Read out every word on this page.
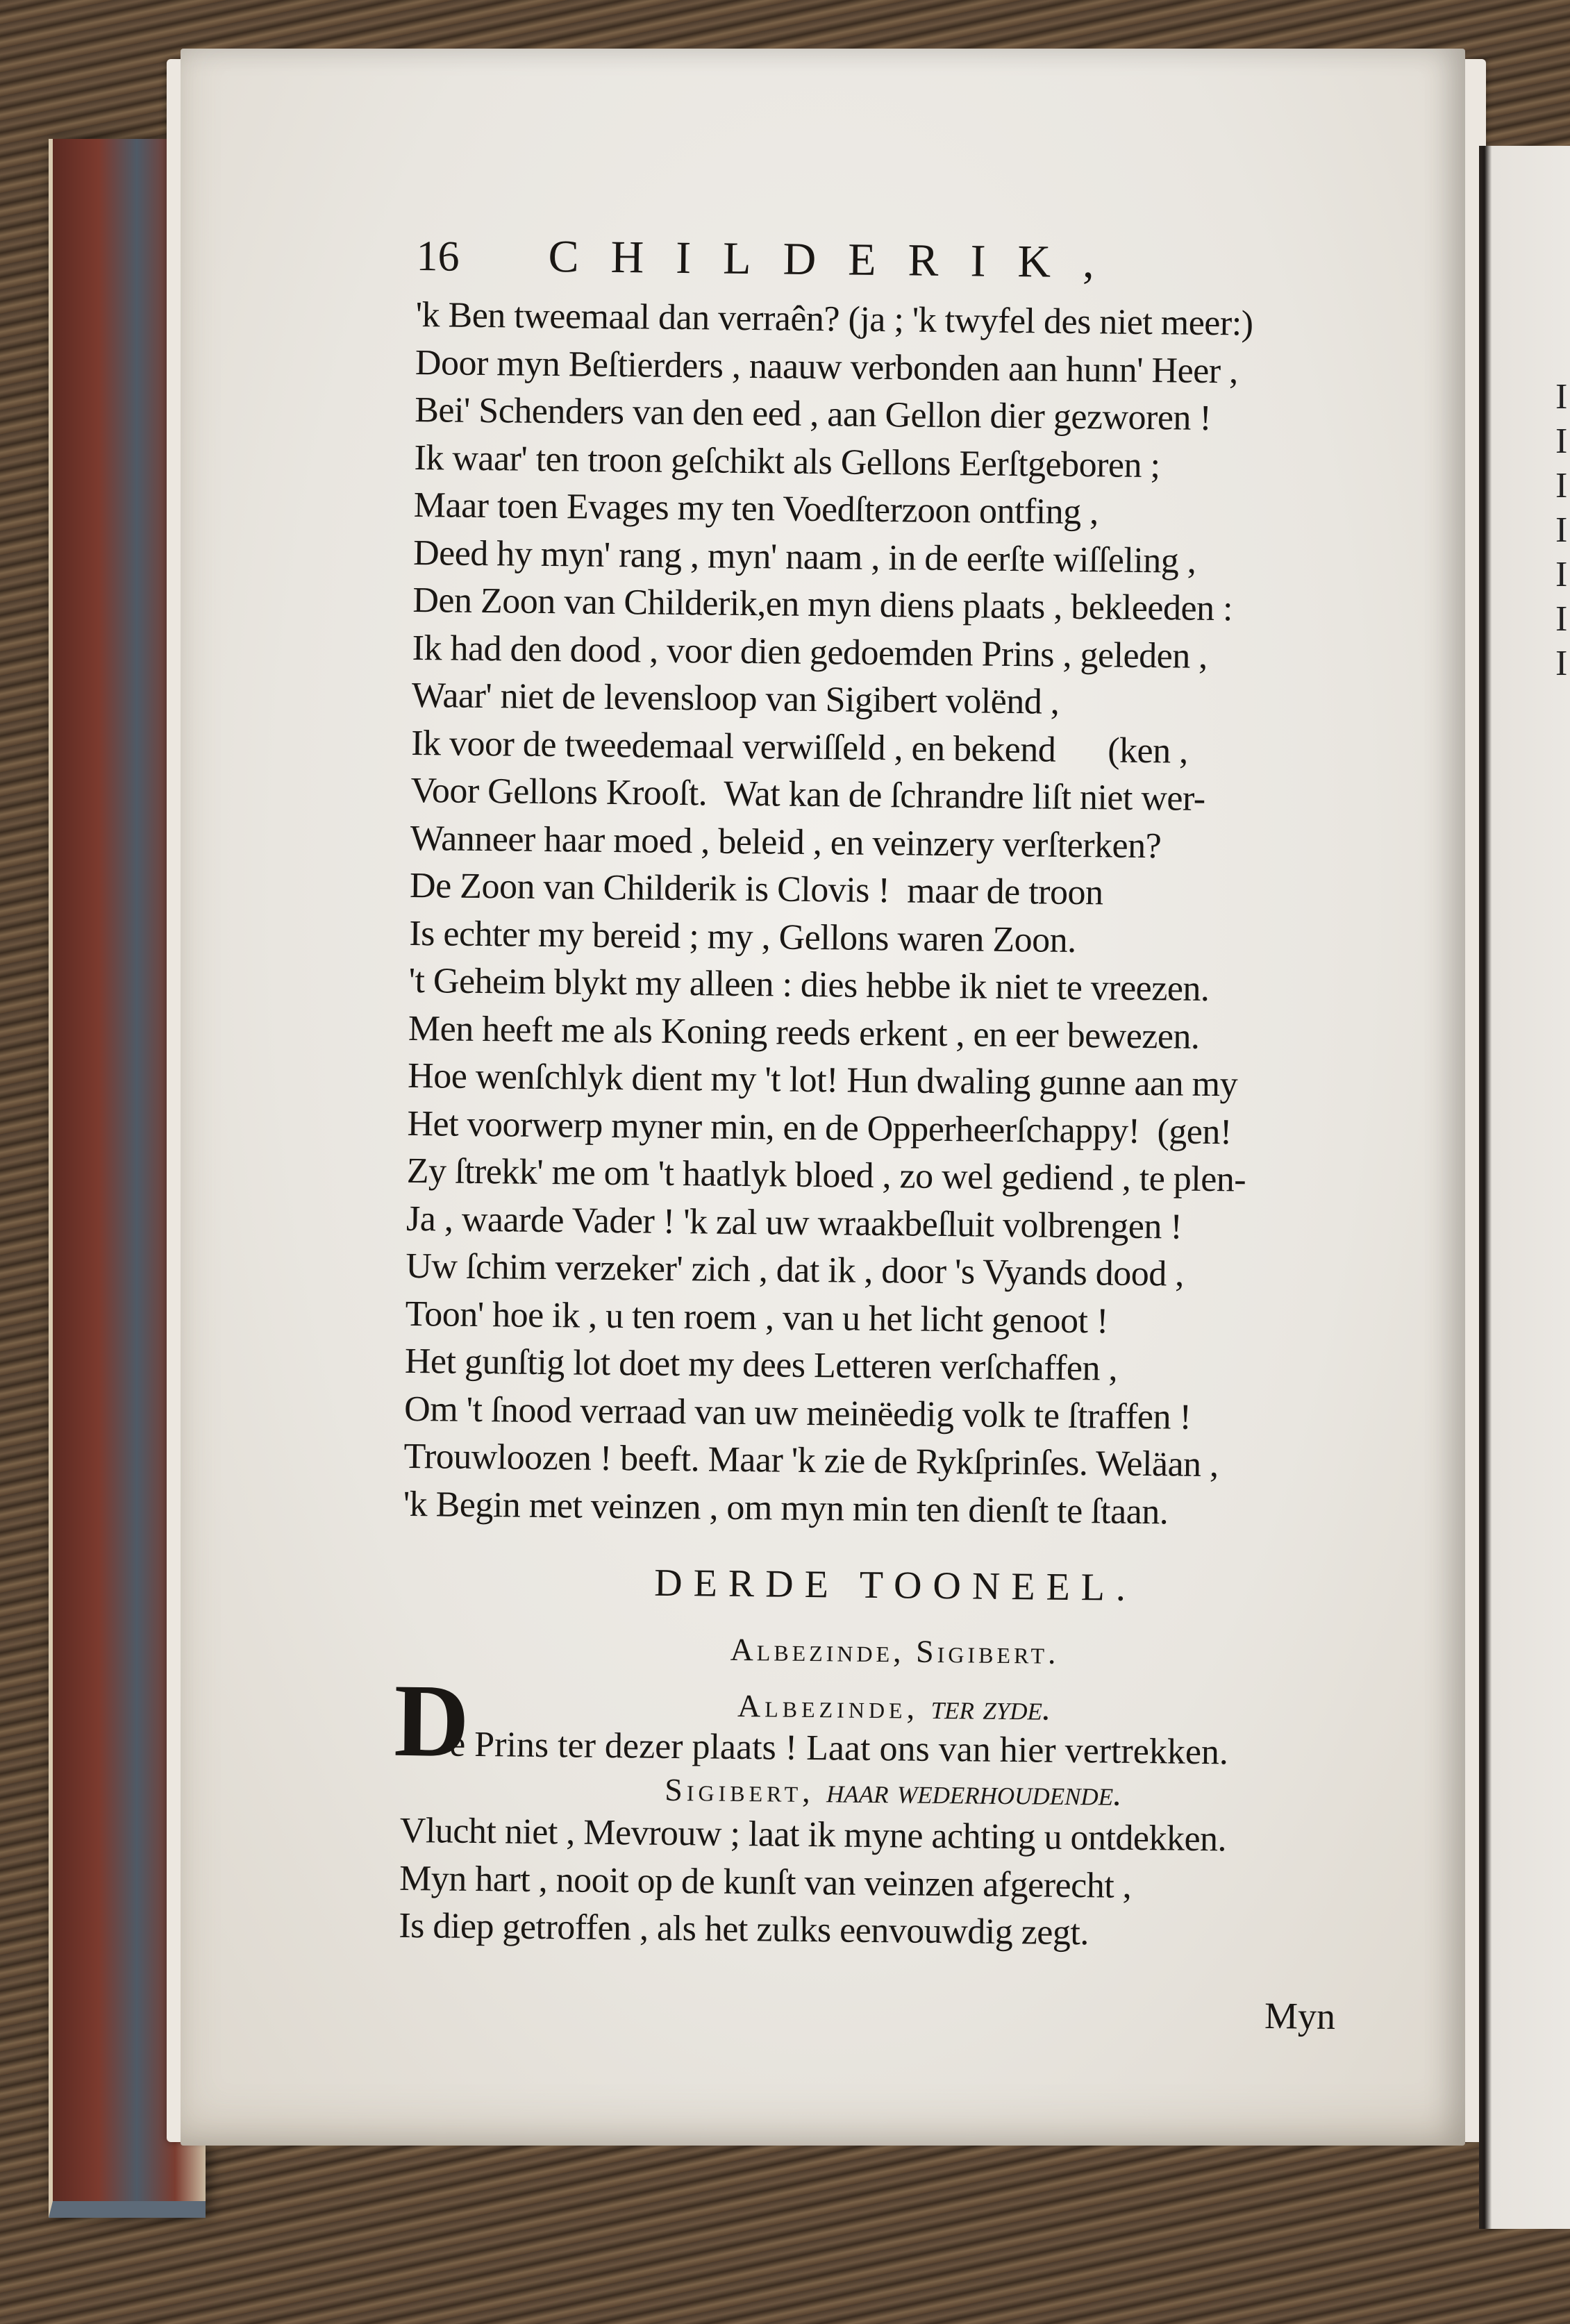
I I I I I I I
16	CHILDERIK,
'k Ben tweemaal dan verraên? (ja ; 'k twyfel des niet meer:)
Door myn Beſtierders , naauw verbonden aan hunn' Heer ,
Bei' Schenders van den eed , aan Gellon dier gezworen !
Ik waar' ten troon geſchikt als Gellons Eerſtgeboren ;
Maar toen Evages my ten Voedſterzoon ontfing ,
Deed hy myn' rang , myn' naam , in de eerſte wiſſeling ,
Den Zoon van Childerik,en myn diens plaats , bekleeden :
Ik had den dood , voor dien gedoemden Prins , geleden ,
Waar' niet de levensloop van Sigibert volënd ,
Ik voor de tweedemaal verwiſſeld , en bekend      (ken ,
Voor Gellons Krooſt.  Wat kan de ſchrandre liſt niet wer-
Wanneer haar moed , beleid , en veinzery verſterken?
De Zoon van Childerik is Clovis !  maar de troon
Is echter my bereid ; my , Gellons waren Zoon.
't Geheim blykt my alleen : dies hebbe ik niet te vreezen.
Men heeft me als Koning reeds erkent , en eer bewezen.
Hoe wenſchlyk dient my 't lot! Hun dwaling gunne aan my
Het voorwerp myner min, en de Opperheerſchappy!  (gen!
Zy ſtrekk' me om 't haatlyk bloed , zo wel gediend , te plen-
Ja , waarde Vader ! 'k zal uw wraakbeſluit volbrengen !
Uw ſchim verzeker' zich , dat ik , door 's Vyands dood ,
Toon' hoe ik , u ten roem , van u het licht genoot !
Het gunſtig lot doet my dees Letteren verſchaffen ,
Om 't ſnood verraad van uw meinëedig volk te ſtraffen !
Trouwloozen ! beeft. Maar 'k zie de Rykſprinſes. Weläan ,
'k Begin met veinzen , om myn min ten dienſt te ſtaan.
DERDE TOONEEL.
Albezinde, Sigibert.
Albezinde, ter zyde.
D
e Prins ter dezer plaats ! Laat ons van hier vertrekken.
Sigibert, haar wederhoudende.
Vlucht niet , Mevrouw ; laat ik myne achting u ontdekken.
Myn hart , nooit op de kunſt van veinzen afgerecht ,
Is diep getroffen , als het zulks eenvouwdig zegt.
Myn
